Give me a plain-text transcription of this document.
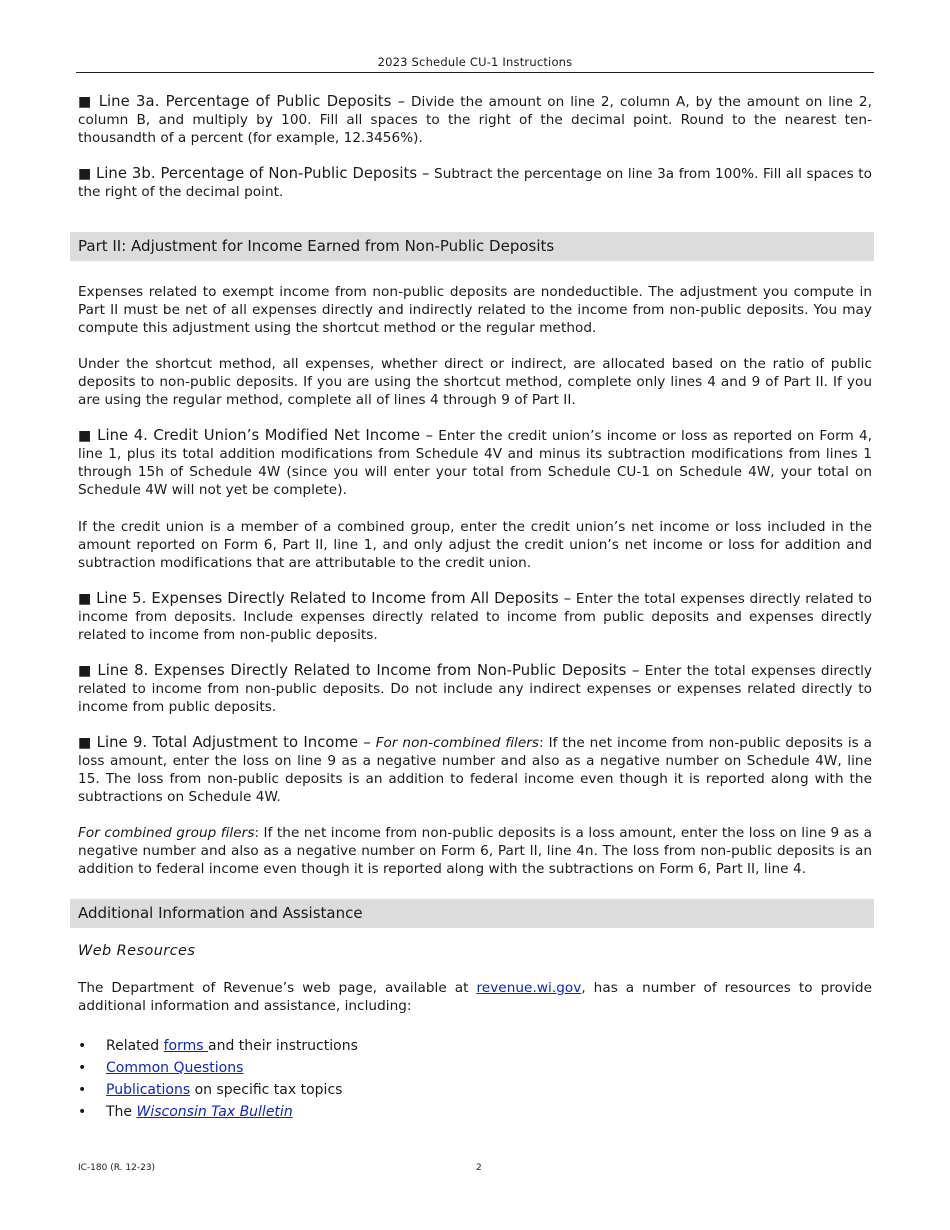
2023 Schedule CU-1 Instructions

■ Line 3a. Percentage of Public Deposits – Divide the amount on line 2, column A, by the amount on line 2, column B, and multiply by 100. Fill all spaces to the right of the decimal point. Round to the nearest ten-thousandth of a percent (for example, 12.3456%).

■ Line 3b. Percentage of Non-Public Deposits – Subtract the percentage on line 3a from 100%. Fill all spaces to the right of the decimal point.

Expenses related to exempt income from non-public deposits are nondeductible. The adjustment you compute in Part II must be net of all expenses directly and indirectly related to the income from non-public deposits. You may compute this adjustment using the shortcut method or the regular method.

Under the shortcut method, all expenses, whether direct or indirect, are allocated based on the ratio of public deposits to non-public deposits. If you are using the shortcut method, complete only lines 4 and 9 of Part II. If you are using the regular method, complete all of lines 4 through 9 of Part II.

■ Line 4. Credit Union’s Modified Net Income – Enter the credit union’s income or loss as reported on Form 4, line 1, plus its total addition modifications from Schedule 4V and minus its subtraction modifications from lines 1 through 15h of Schedule 4W (since you will enter your total from Schedule CU-1 on Schedule 4W, your total on Schedule 4W will not yet be complete).

If the credit union is a member of a combined group, enter the credit union’s net income or loss included in the amount reported on Form 6, Part II, line 1, and only adjust the credit union’s net income or loss for addition and subtraction modifications that are attributable to the credit union.

■ Line 5. Expenses Directly Related to Income from All Deposits – Enter the total expenses directly related to income from deposits. Include expenses directly related to income from public deposits and expenses directly related to income from non-public deposits.

■ Line 8. Expenses Directly Related to Income from Non-Public Deposits – Enter the total expenses directly related to income from non-public deposits. Do not include any indirect expenses or expenses related directly to income from public deposits.

■ Line 9. Total Adjustment to Income – For non-combined filers: If the net income from non-public deposits is a loss amount, enter the loss on line 9 as a negative number and also as a negative number on Schedule 4W, line 15. The loss from non-public deposits is an addition to federal income even though it is reported along with the subtractions on Schedule 4W.

For combined group filers: If the net income from non-public deposits is a loss amount, enter the loss on line 9 as a negative number and also as a negative number on Form 6, Part II, line 4n. The loss from non-public deposits is an addition to federal income even though it is reported along with the subtractions on Form 6, Part II, line 4.

Web Resources

The Department of Revenue’s web page, available at revenue.wi.gov, has a number of resources to provide additional information and assistance, including:

• Related forms and their instructions
• Common Questions
• Publications on specific tax topics
• The Wisconsin Tax Bulletin
Part II: Adjustment for Income Earned from Non-Public Deposits
Additional Information and Assistance
IC-180 (R. 12-23)	2
